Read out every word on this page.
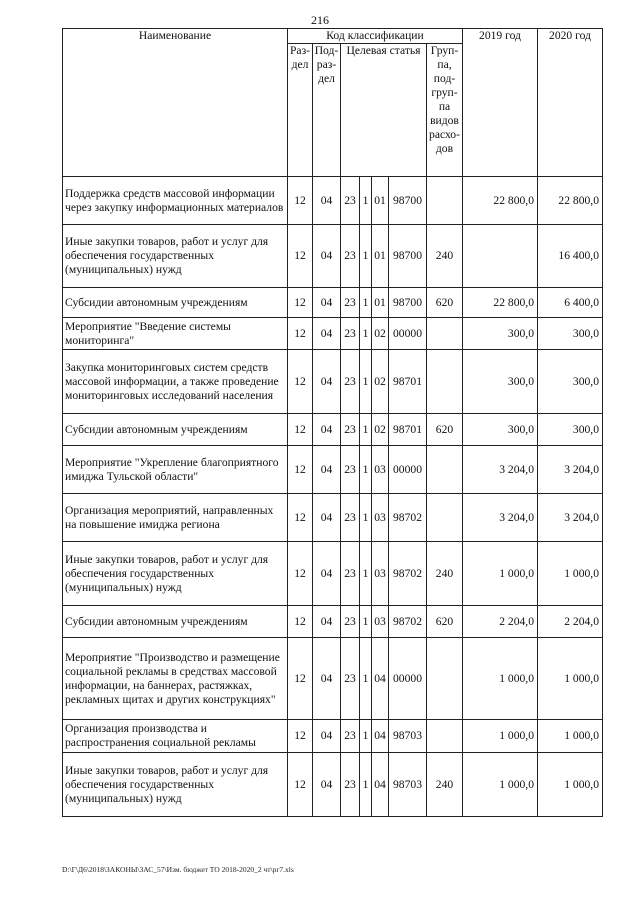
216
Наименование	Код классификации							2019 год	2020 год
	Раз-дел	Под-раз-дел	Целевая статья				Груп-па, под-груп-па видов расхо-дов		
Поддержка средств массовой информации через закупку информационных материалов	12	04	23	1	01	98700		22 800,0	22 800,0
Иные закупки товаров, работ и услуг для обеспечения государственных (муниципальных) нужд	12	04	23	1	01	98700	240		16 400,0
Субсидии автономным учреждениям	12	04	23	1	01	98700	620	22 800,0	6 400,0
Мероприятие "Введение системы мониторинга"	12	04	23	1	02	00000		300,0	300,0
Закупка мониторинговых систем средств массовой информации, а также проведение мониторинговых исследований населения	12	04	23	1	02	98701		300,0	300,0
Субсидии автономным учреждениям	12	04	23	1	02	98701	620	300,0	300,0
Мероприятие "Укрепление благоприятного имиджа Тульской области"	12	04	23	1	03	00000		3 204,0	3 204,0
Организация мероприятий, направленных на повышение имиджа региона	12	04	23	1	03	98702		3 204,0	3 204,0
Иные закупки товаров, работ и услуг для обеспечения государственных (муниципальных) нужд	12	04	23	1	03	98702	240	1 000,0	1 000,0
Субсидии автономным учреждениям	12	04	23	1	03	98702	620	2 204,0	2 204,0
Мероприятие "Производство и размещение социальной рекламы в средствах массовой информации, на баннерах, растяжках, рекламных щитах и других конструкциях"	12	04	23	1	04	00000		1 000,0	1 000,0
Организация производства и распространения социальной рекламы	12	04	23	1	04	98703		1 000,0	1 000,0
Иные закупки товаров, работ и услуг для обеспечения государственных (муниципальных) нужд	12	04	23	1	04	98703	240	1 000,0	1 000,0
D:\Г\Д6\2018\ЗАКОНЫ\ЗАС_57\Изм. бюджет ТО 2018-2020_2 чт\рг7.xls
